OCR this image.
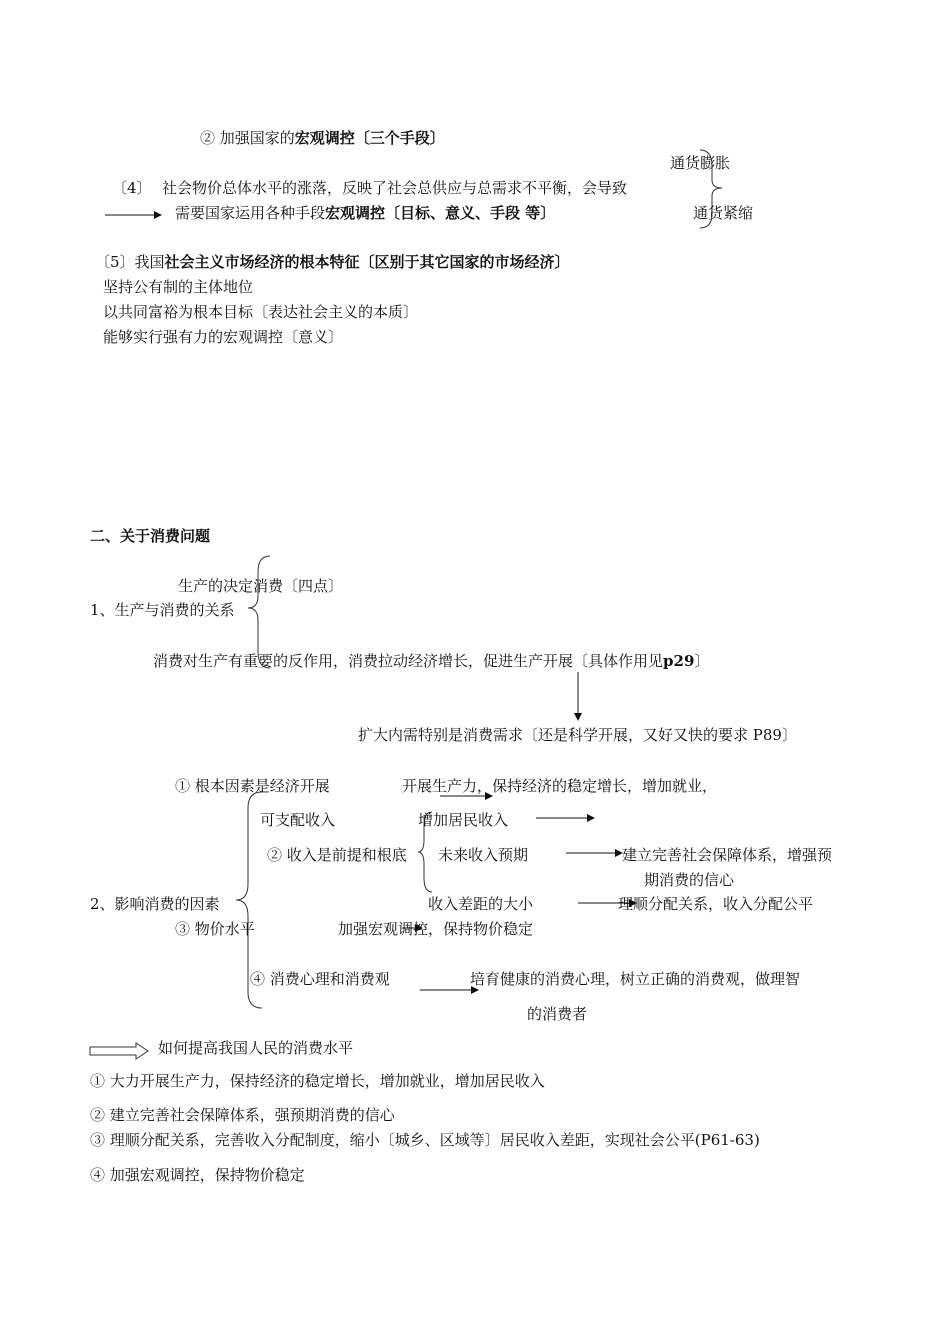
② 加强国家的宏观调控〔三个手段〕
通货膨胀
通货紧缩
〔4〕 社会物价总体水平的涨落，反映了社会总供应与总需求不平衡，会导致
需要国家运用各种手段宏观调控〔目标、意义、手段 等〕
〔5〕我国社会主义市场经济的根本特征〔区别于其它国家的市场经济〕
坚持公有制的主体地位
以共同富裕为根本目标〔表达社会主义的本质〕
能够实行强有力的宏观调控〔意义〕
二、关于消费问题
生产的决定消费〔四点〕
1、生产与消费的关系
消费对生产有重要的反作用，消费拉动经济增长，促进生产开展〔具体作用见p29〕
扩大内需特别是消费需求〔还是科学开展，又好又快的要求 P89〕
① 根本因素是经济开展	开展生产力，保持经济的稳定增长，增加就业，
可支配收入	增加居民收入
② 收入是前提和根底 未来收入预期	建立完善社会保障体系，增强预
期消费的信心
2、影响消费的因素	收入差距的大小	理顺分配关系，收入分配公平
③ 物价水平	加强宏观调控，保持物价稳定
④ 消费心理和消费观	培育健康的消费心理，树立正确的消费观，做理智
的消费者
如何提高我国人民的消费水平
① 大力开展生产力，保持经济的稳定增长，增加就业，增加居民收入
② 建立完善社会保障体系，强预期消费的信心
③ 理顺分配关系，完善收入分配制度，缩小〔城乡、区域等〕居民收入差距，实现社会公平(P61-63)
④ 加强宏观调控，保持物价稳定
